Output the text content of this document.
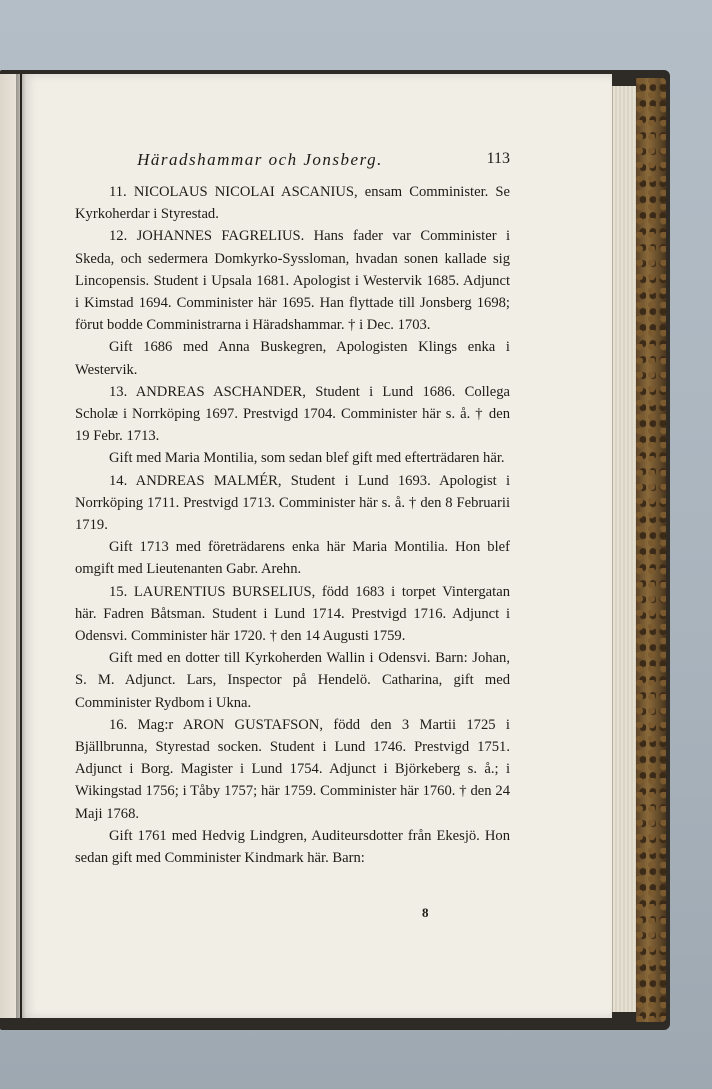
Häradshammar och Jonsberg.	113

11. NICOLAUS NICOLAI ASCANIUS, ensam Comminister. Se Kyrkoherdar i Styrestad.

12. JOHANNES FAGRELIUS. Hans fader var Comminister i Skeda, och sedermera Domkyrko-Syssloman, hvadan sonen kallade sig Lincopensis. Student i Upsala 1681. Apologist i Westervik 1685. Adjunct i Kimstad 1694. Comminister här 1695. Han flyttade till Jonsberg 1698; förut bodde Comministrarna i Häradshammar. † i Dec. 1703.

Gift 1686 med Anna Buskegren, Apologisten Klings enka i Westervik.

13. ANDREAS ASCHANDER, Student i Lund 1686. Collega Scholæ i Norrköping 1697. Prestvigd 1704. Comminister här s. å. † den 19 Febr. 1713.

Gift med Maria Montilia, som sedan blef gift med efterträdaren här.

14. ANDREAS MALMÉR, Student i Lund 1693. Apologist i Norrköping 1711. Prestvigd 1713. Comminister här s. å. † den 8 Februarii 1719.

Gift 1713 med företrädarens enka här Maria Montilia. Hon blef omgift med Lieutenanten Gabr. Arehn.

15. LAURENTIUS BURSELIUS, född 1683 i torpet Vintergatan här. Fadren Båtsman. Student i Lund 1714. Prestvigd 1716. Adjunct i Odensvi. Comminister här 1720. † den 14 Augusti 1759.

Gift med en dotter till Kyrkoherden Wallin i Odensvi. Barn: Johan, S. M. Adjunct. Lars, Inspector på Hendelö. Catharina, gift med Comminister Rydbom i Ukna.

16. Mag:r ARON GUSTAFSON, född den 3 Martii 1725 i Bjällbrunna, Styrestad socken. Student i Lund 1746. Prestvigd 1751. Adjunct i Borg. Magister i Lund 1754. Adjunct i Björkeberg s. å.; i Wikingstad 1756; i Tåby 1757; här 1759. Comminister här 1760. † den 24 Maji 1768.

Gift 1761 med Hedvig Lindgren, Auditeursdotter från Ekesjö. Hon sedan gift med Comminister Kindmark här. Barn:

8
